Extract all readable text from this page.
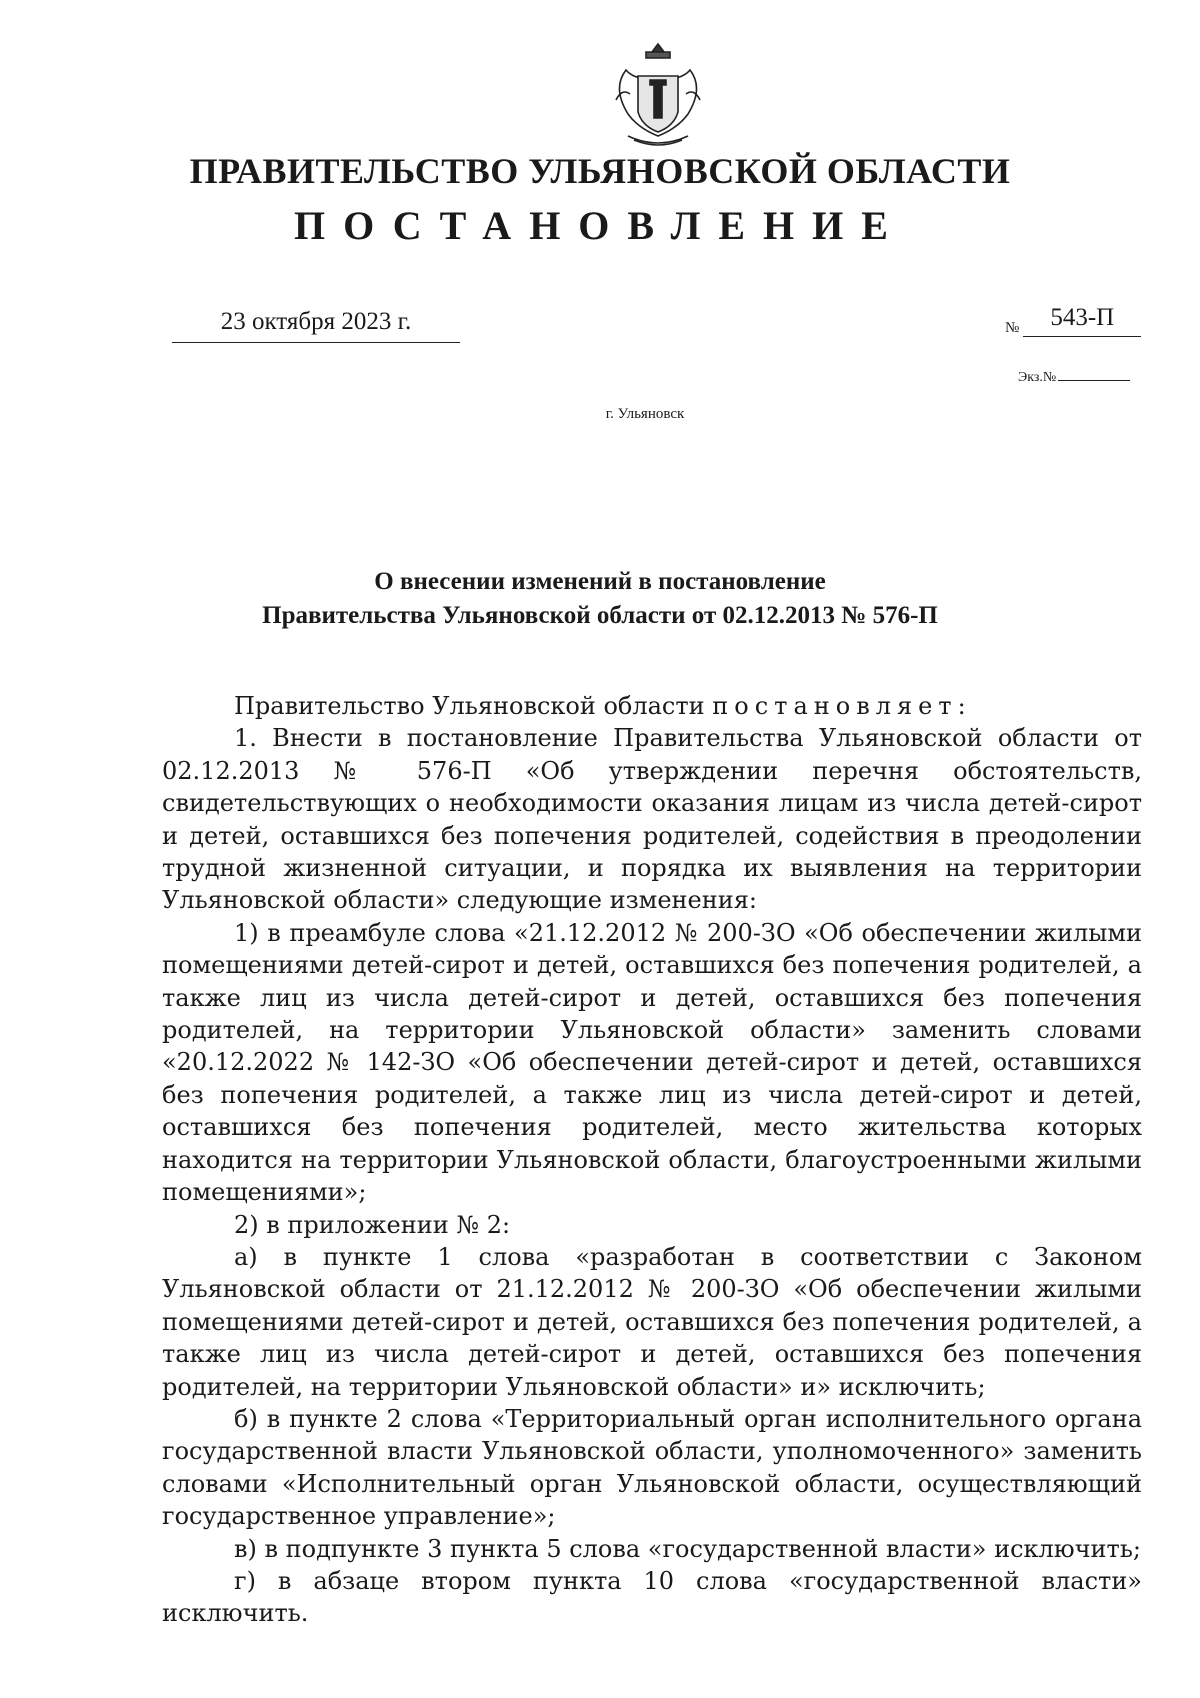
ПРАВИТЕЛЬСТВО УЛЬЯНОВСКОЙ ОБЛАСТИ
ПОСТАНОВЛЕНИЕ
23 октября 2023 г.	№ 543-П
Экз.№
г. Ульяновск
О внесении изменений в постановление
Правительства Ульяновской области от 02.12.2013 № 576-П

Правительство Ульяновской области постановляет:

1. Внести в постановление Правительства Ульяновской области от 02.12.2013 № 576-П «Об утверждении перечня обстоятельств, свидетельствующих о необходимости оказания лицам из числа детей-сирот и детей, оставшихся без попечения родителей, содействия в преодолении трудной жизненной ситуации, и порядка их выявления на территории Ульяновской области» следующие изменения:

1) в преамбуле слова «21.12.2012 № 200-ЗО «Об обеспечении жилыми помещениями детей-сирот и детей, оставшихся без попечения родителей, а также лиц из числа детей-сирот и детей, оставшихся без попечения родителей, на территории Ульяновской области» заменить словами «20.12.2022 № 142-ЗО «Об обеспечении детей-сирот и детей, оставшихся без попечения родителей, а также лиц из числа детей-сирот и детей, оставшихся без попечения родителей, место жительства которых находится на территории Ульяновской области, благоустроенными жилыми помещениями»;

2) в приложении № 2:

а) в пункте 1 слова «разработан в соответствии с Законом Ульяновской области от 21.12.2012 № 200-ЗО «Об обеспечении жилыми помещениями детей-сирот и детей, оставшихся без попечения родителей, а также лиц из числа детей-сирот и детей, оставшихся без попечения родителей, на территории Ульяновской области» и» исключить;

б) в пункте 2 слова «Территориальный орган исполнительного органа государственной власти Ульяновской области, уполномоченного» заменить словами «Исполнительный орган Ульяновской области, осуществляющий государственное управление»;

в) в подпункте 3 пункта 5 слова «государственной власти» исключить;

г) в абзаце втором пункта 10 слова «государственной власти» исключить.
